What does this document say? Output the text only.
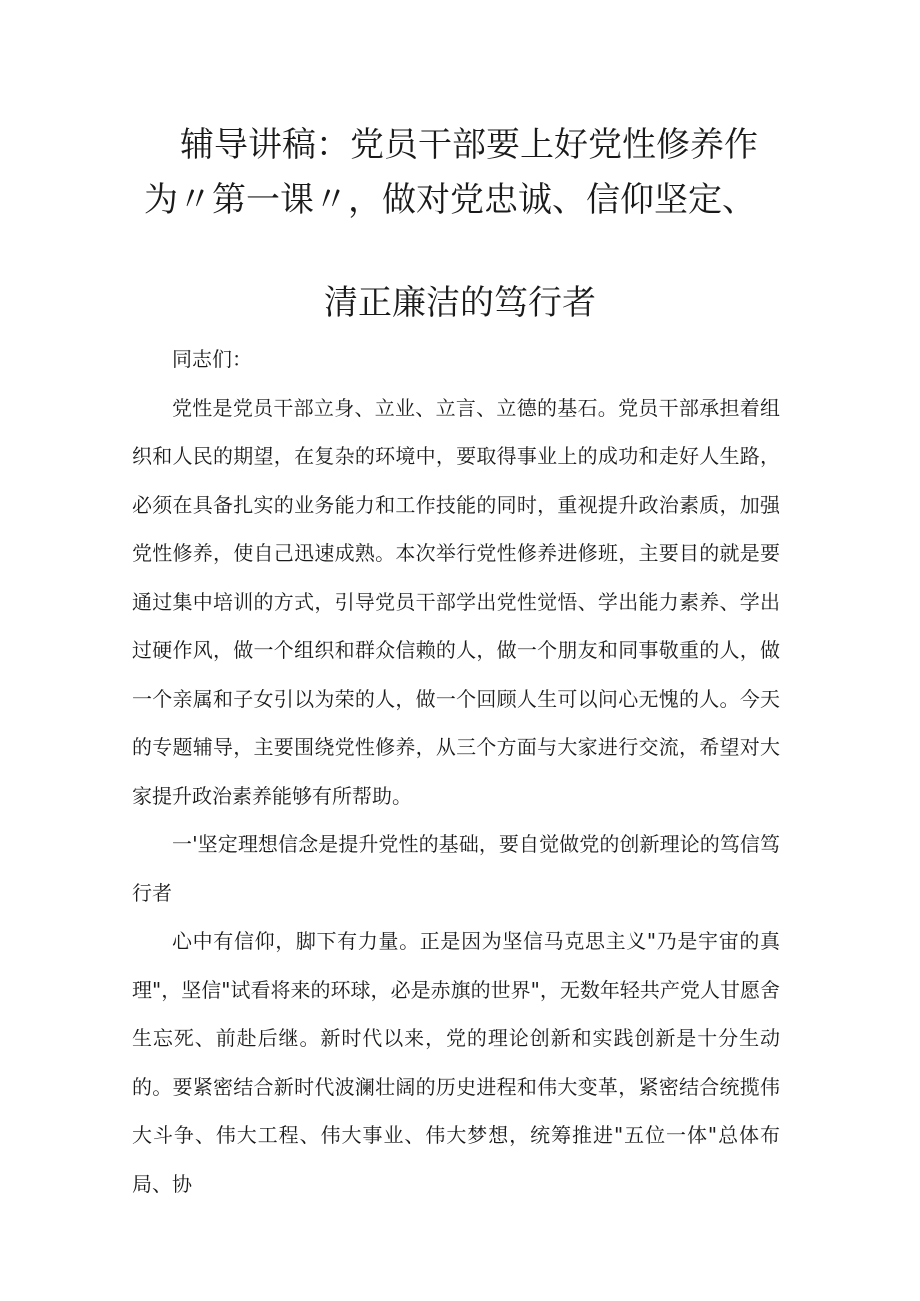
辅导讲稿：党员干部要上好党性修养作
为〃第一课〃，做对党忠诚、信仰坚定、
清正廉洁的笃行者

同志们：

党性是党员干部立身、立业、立言、立德的基石。党员干部承担着组织和人民的期望，在复杂的环境中，要取得事业上的成功和走好人生路，必须在具备扎实的业务能力和工作技能的同时，重视提升政治素质，加强党性修养，使自己迅速成熟。本次举行党性修养进修班，主要目的就是要通过集中培训的方式，引导党员干部学出党性觉悟、学出能力素养、学出过硬作风，做一个组织和群众信赖的人，做一个朋友和同事敬重的人，做一个亲属和子女引以为荣的人，做一个回顾人生可以问心无愧的人。今天的专题辅导，主要围绕党性修养，从三个方面与大家进行交流，希望对大家提升政治素养能够有所帮助。

一'坚定理想信念是提升党性的基础，要自觉做党的创新理论的笃信笃行者

心中有信仰，脚下有力量。正是因为坚信马克思主义"乃是宇宙的真理"，坚信"试看将来的环球，必是赤旗的世界"，无数年轻共产党人甘愿舍生忘死、前赴后继。新时代以来，党的理论创新和实践创新是十分生动的。要紧密结合新时代波澜壮阔的历史进程和伟大变革，紧密结合统揽伟大斗争、伟大工程、伟大事业、伟大梦想，统筹推进"五位一体"总体布局、协
